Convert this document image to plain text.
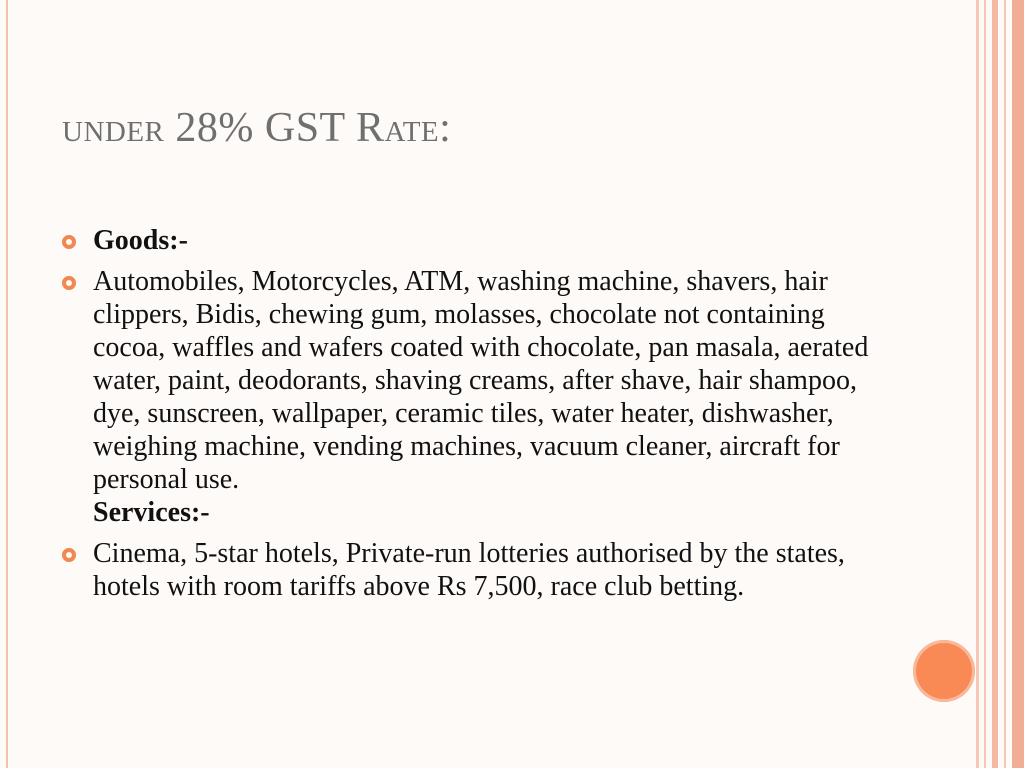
under 28% GST Rate:
Goods:-
Automobiles, Motorcycles, ATM, washing machine, shavers, hair clippers, Bidis, chewing gum, molasses, chocolate not containing cocoa, waffles and wafers coated with chocolate, pan masala, aerated water, paint, deodorants, shaving creams, after shave, hair shampoo, dye, sunscreen, wallpaper, ceramic tiles, water heater, dishwasher, weighing machine, vending machines, vacuum cleaner, aircraft for personal use.
Services:-
Cinema, 5-star hotels, Private-run lotteries authorised by the states, hotels with room tariffs above Rs 7,500, race club betting.
